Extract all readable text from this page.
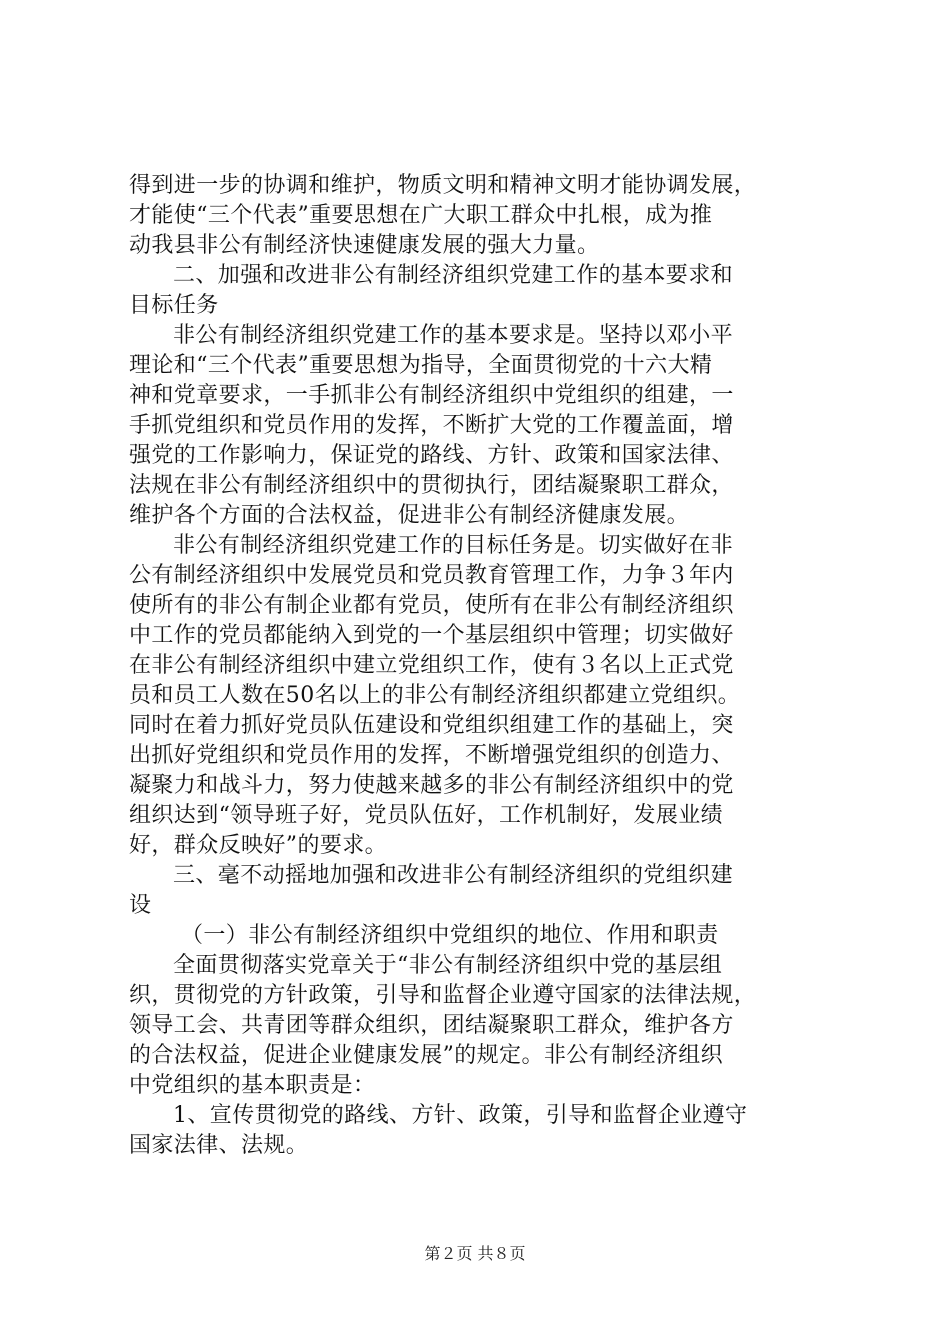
得到进一步的协调和维护，物质文明和精神文明才能协调发展，
才能使“三个代表”重要思想在广大职工群众中扎根，成为推
动我县非公有制经济快速健康发展的强大力量。
二、加强和改进非公有制经济组织党建工作的基本要求和
目标任务
非公有制经济组织党建工作的基本要求是。坚持以邓小平
理论和“三个代表”重要思想为指导，全面贯彻党的十六大精
神和党章要求，一手抓非公有制经济组织中党组织的组建，一
手抓党组织和党员作用的发挥，不断扩大党的工作覆盖面，增
强党的工作影响力，保证党的路线、方针、政策和国家法律、
法规在非公有制经济组织中的贯彻执行，团结凝聚职工群众，
维护各个方面的合法权益，促进非公有制经济健康发展。
非公有制经济组织党建工作的目标任务是。切实做好在非
公有制经济组织中发展党员和党员教育管理工作，力争３年内
使所有的非公有制企业都有党员，使所有在非公有制经济组织
中工作的党员都能纳入到党的一个基层组织中管理；切实做好
在非公有制经济组织中建立党组织工作，使有３名以上正式党
员和员工人数在50名以上的非公有制经济组织都建立党组织。
同时在着力抓好党员队伍建设和党组织组建工作的基础上，突
出抓好党组织和党员作用的发挥，不断增强党组织的创造力、
凝聚力和战斗力，努力使越来越多的非公有制经济组织中的党
组织达到“领导班子好，党员队伍好，工作机制好，发展业绩
好，群众反映好”的要求。
三、毫不动摇地加强和改进非公有制经济组织的党组织建
设
（一）非公有制经济组织中党组织的地位、作用和职责
全面贯彻落实党章关于“非公有制经济组织中党的基层组
织，贯彻党的方针政策，引导和监督企业遵守国家的法律法规，
领导工会、共青团等群众组织，团结凝聚职工群众，维护各方
的合法权益，促进企业健康发展”的规定。非公有制经济组织
中党组织的基本职责是：
1、宣传贯彻党的路线、方针、政策，引导和监督企业遵守
国家法律、法规。
第２页 共８页
